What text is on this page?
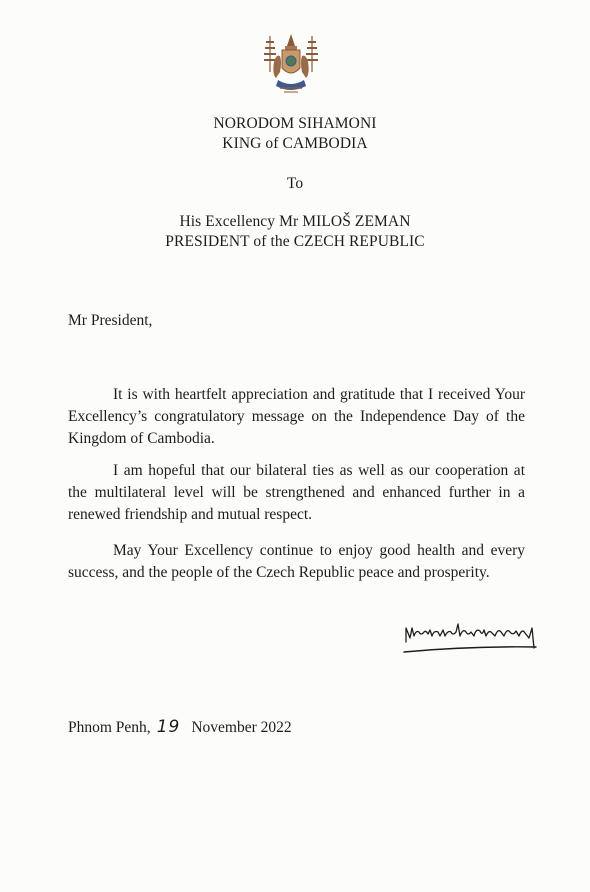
NORODOM SIHAMONI
KING of CAMBODIA
To
His Excellency Mr MILOŠ ZEMAN
PRESIDENT of the CZECH REPUBLIC
Mr President,
It is with heartfelt appreciation and gratitude that I received Your Excellency’s congratulatory message on the Independence Day of the Kingdom of Cambodia.
I am hopeful that our bilateral ties as well as our cooperation at the multilateral level will be strengthened and enhanced further in a renewed friendship and mutual respect.
May Your Excellency continue to enjoy good health and every success, and the people of the Czech Republic peace and prosperity.
Phnom Penh, 19 November 2022
